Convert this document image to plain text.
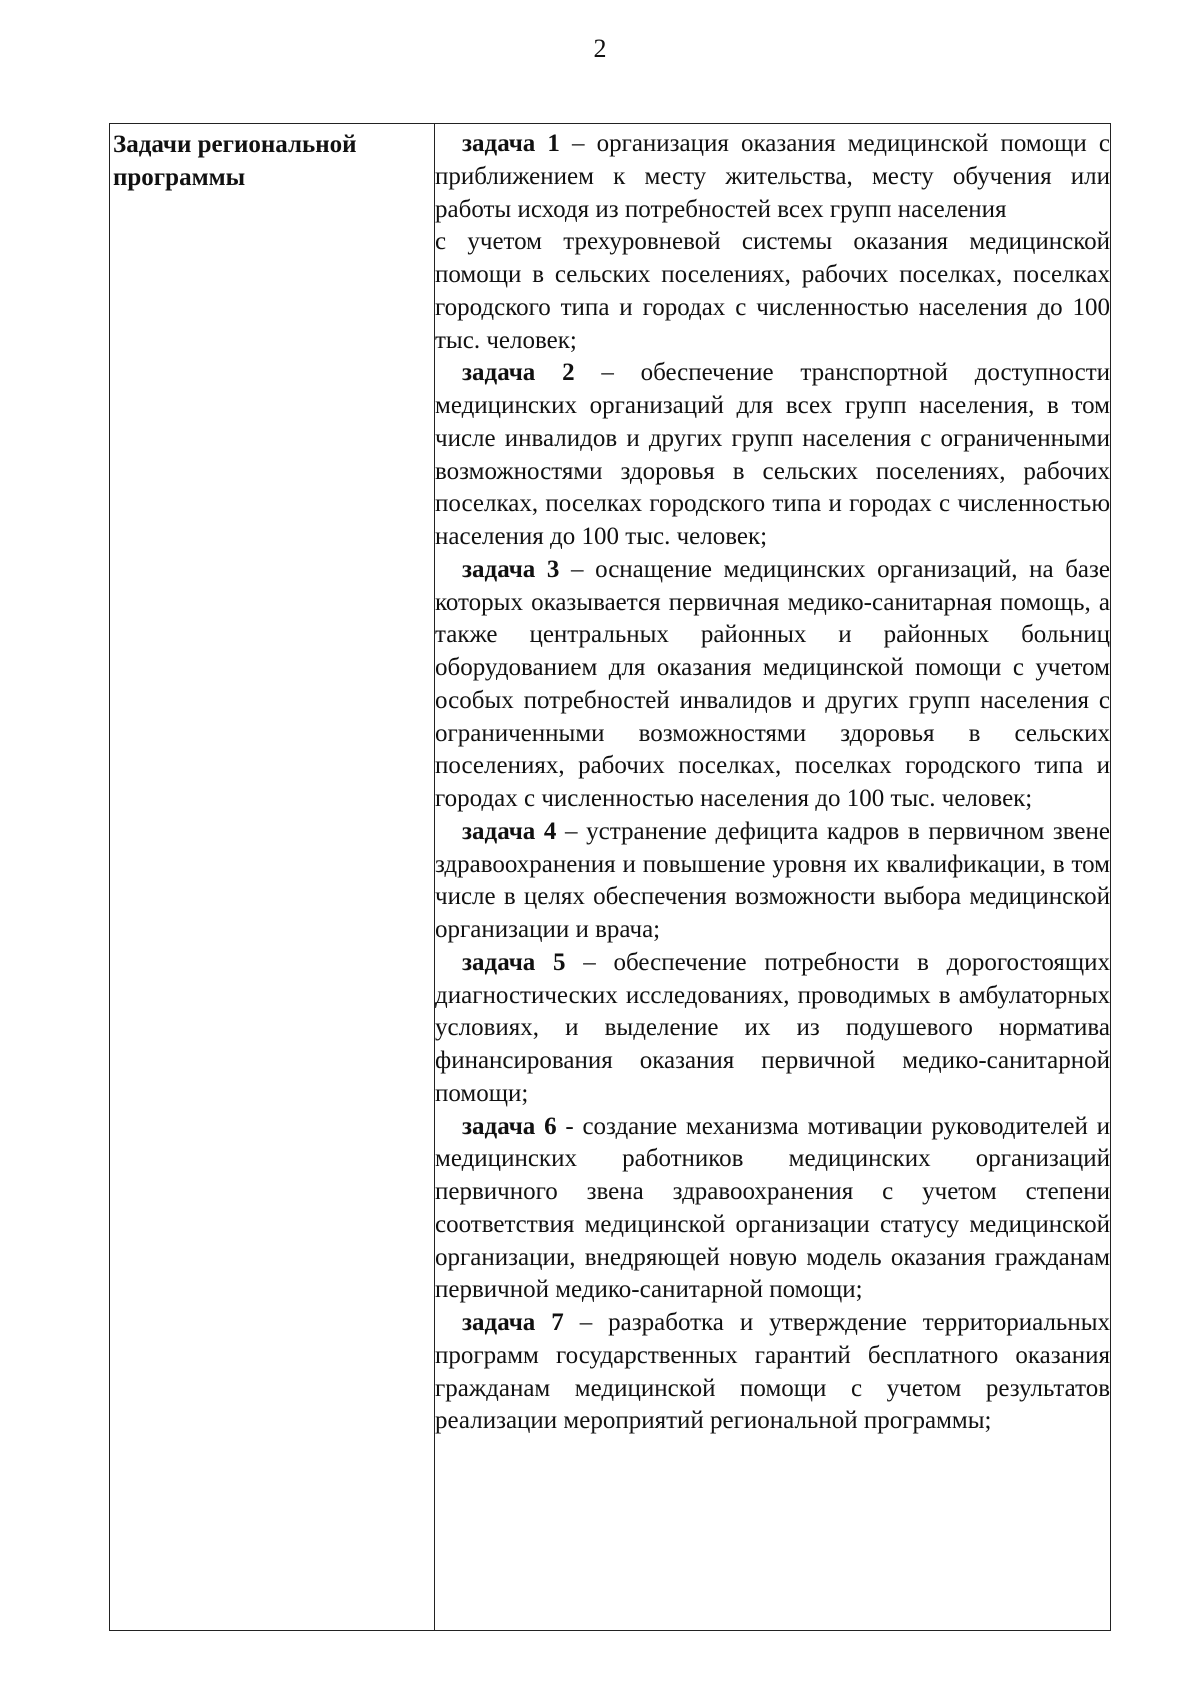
2
Задачи региональной программы

задача 1 – организация оказания медицинской помощи с приближением к месту жительства, месту обучения или работы исходя из потребностей всех групп населения

с учетом трехуровневой системы оказания медицинской помощи в сельских поселениях, рабочих поселках, поселках городского типа и городах с численностью населения до 100 тыс. человек;

задача 2 – обеспечение транспортной доступности медицинских организаций для всех групп населения, в том числе инвалидов и других групп населения с ограниченными возможностями здоровья в сельских поселениях, рабочих поселках, поселках городского типа и городах с численностью населения до 100 тыс. человек;

задача 3 – оснащение медицинских организаций, на базе которых оказывается первичная медико-санитарная помощь, а также центральных районных и районных больниц оборудованием для оказания медицинской помощи с учетом особых потребностей инвалидов и других групп населения с ограниченными возможностями здоровья в сельских поселениях, рабочих поселках, поселках городского типа и городах с численностью населения до 100 тыс. человек;

задача 4 – устранение дефицита кадров в первичном звене здравоохранения и повышение уровня их квалификации, в том числе в целях обеспечения возможности выбора медицинской организации и врача;

задача 5 – обеспечение потребности в дорогостоящих диагностических исследованиях, проводимых в амбулаторных условиях, и выделение их из подушевого норматива финансирования оказания первичной медико-санитарной помощи;

задача 6 - создание механизма мотивации руководителей и медицинских работников медицинских организаций первичного звена здравоохранения с учетом степени соответствия медицинской организации статусу медицинской организации, внедряющей новую модель оказания гражданам первичной медико-санитарной помощи;

задача 7 – разработка и утверждение территориальных программ государственных гарантий бесплатного оказания гражданам медицинской помощи с учетом результатов реализации мероприятий региональной программы;
